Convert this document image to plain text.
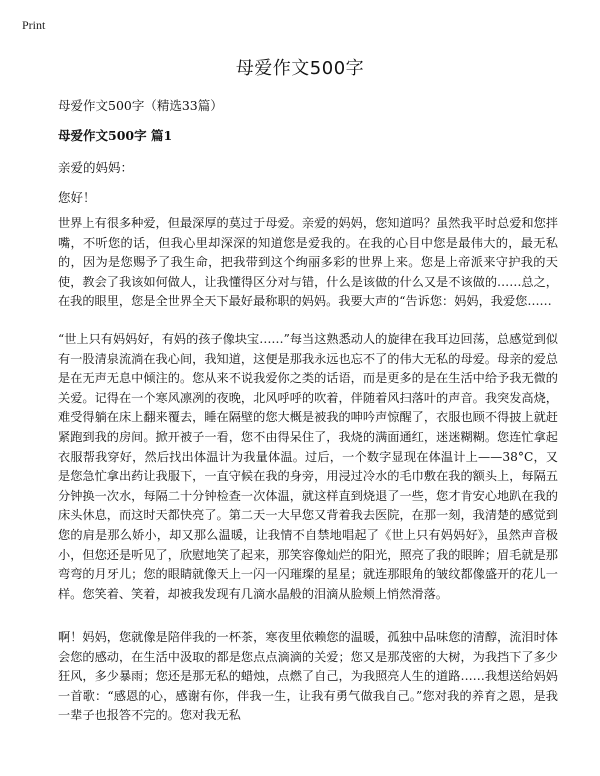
Print
母爱作文500字

母爱作文500字（精选33篇）

母爱作文500字 篇1

亲爱的妈妈：

您好！

世界上有很多种爱，但最深厚的莫过于母爱。亲爱的妈妈，您知道吗？虽然我平时总爱和您拌嘴，不听您的话，但我心里却深深的知道您是爱我的。在我的心目中您是最伟大的，最无私的，因为是您赐予了我生命，把我带到这个绚丽多彩的世界上来。您是上帝派来守护我的天使，教会了我该如何做人，让我懂得区分对与错，什么是该做的什么又是不该做的……总之，在我的眼里，您是全世界全天下最好最称职的妈妈。我要大声的“告诉您：妈妈，我爱您……

“世上只有妈妈好，有妈的孩子像块宝……”每当这熟悉动人的旋律在我耳边回荡，总感觉到似有一股清泉流淌在我心间，我知道，这便是那我永远也忘不了的伟大无私的母爱。母亲的爱总是在无声无息中倾注的。您从来不说我爱你之类的话语，而是更多的是在生活中给予我无微的关爱。记得在一个寒风凛冽的夜晚，北风呼呼的吹着，伴随着风扫落叶的声音。我突发高烧，难受得躺在床上翻来覆去，睡在隔壁的您大概是被我的呻吟声惊醒了，衣服也顾不得披上就赶紧跑到我的房间。掀开被子一看，您不由得呆住了，我烧的满面通红，迷迷糊糊。您连忙拿起衣服帮我穿好，然后找出体温计为我量体温。过后，一个数字显现在体温计上——38°C，又是您急忙拿出药让我服下，一直守候在我的身旁，用浸过冷水的毛巾敷在我的额头上，每隔五分钟换一次水，每隔二十分钟检查一次体温，就这样直到烧退了一些，您才肯安心地趴在我的床头休息，而这时天都快亮了。第二天一大早您又背着我去医院，在那一刻，我清楚的感觉到您的肩是那么娇小，却又那么温暖，让我情不自禁地唱起了《世上只有妈妈好》，虽然声音极小，但您还是听见了，欣慰地笑了起来，那笑容像灿烂的阳光，照亮了我的眼眸；眉毛就是那弯弯的月牙儿；您的眼睛就像天上一闪一闪璀璨的星星；就连那眼角的皱纹都像盛开的花儿一样。您笑着、笑着，却被我发现有几滴水晶般的泪滴从脸颊上悄然滑落。

啊！妈妈，您就像是陪伴我的一杯茶，寒夜里依赖您的温暖，孤独中品味您的清醇，流泪时体会您的感动，在生活中汲取的都是您点点滴滴的关爱；您又是那茂密的大树，为我挡下了多少狂风，多少暴雨；您还是那无私的蜡烛，点燃了自己，为我照亮人生的道路……我想送给妈妈一首歌：“感恩的心，感谢有你，伴我一生，让我有勇气做我自己。”您对我的养育之恩，是我一辈子也报答不完的。您对我无私
